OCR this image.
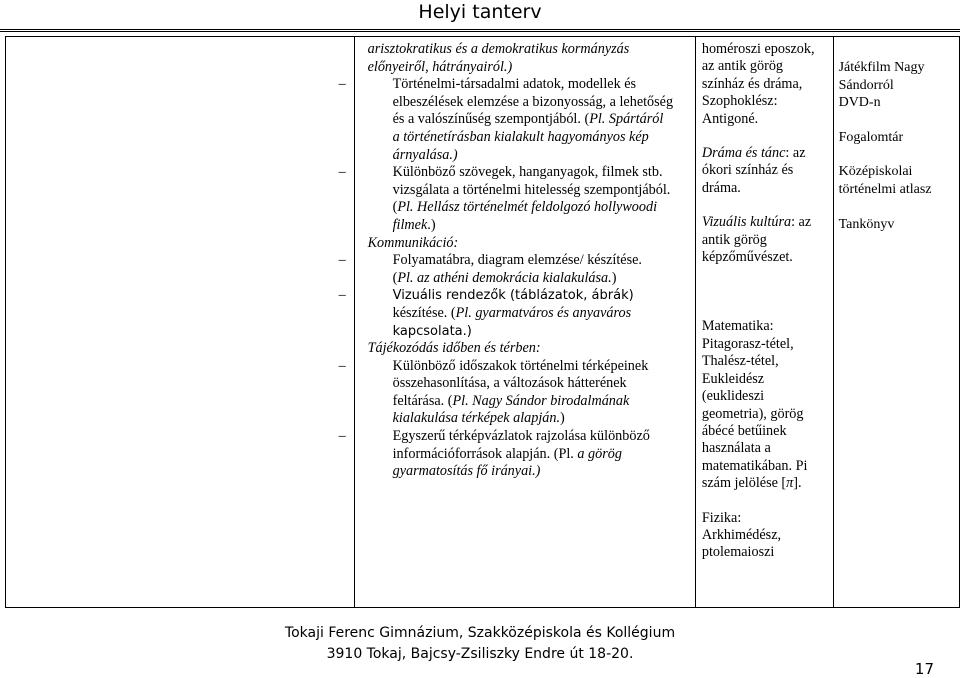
Helyi tanterv

arisztokratikus és a demokratikus kormányzás
előnyeiről, hátrányairól.)
–	Történelmi-társadalmi adatok, modellek és
elbeszélések elemzése a bizonyosság, a lehetőség
és a valószínűség szempontjából. (Pl. Spártáról
a történetírásban kialakult hagyományos kép
árnyalása.)
–	Különböző szövegek, hanganyagok, filmek stb.
vizsgálata a történelmi hitelesség szempontjából.
(Pl. Hellász történelmét feldolgozó hollywoodi
filmek.)
Kommunikáció:
–	Folyamatábra, diagram elemzése/ készítése.
(Pl. az athéni demokrácia kialakulása.)
–	Vizuális rendezők (táblázatok, ábrák)
készítése. (Pl. gyarmatváros és anyaváros
kapcsolata.)
Tájékozódás időben és térben:
–	Különböző időszakok történelmi térképeinek
összehasonlítása, a változások hátterének
feltárása. (Pl. Nagy Sándor birodalmának
kialakulása térképek alapján.)
–	Egyszerű térképvázlatok rajzolása különböző
információforrások alapján. (Pl. a görög
gyarmatosítás fő irányai.)

homéroszi eposzok,
az antik görög
színház és dráma,
Szophoklész:
Antigoné.
Dráma és tánc: az
ókori színház és
dráma.
Vizuális kultúra: az
antik görög
képzőművészet.
Matematika:
Pitagorasz-tétel,
Thalész-tétel,
Eukleidész
(euklideszi
geometria), görög
ábécé betűinek
használata a
matematikában. Pi
szám jelölése [π].
Fizika:
Arkhimédész,
ptolemaioszi

Játékfilm Nagy
Sándorról
DVD-n
Fogalomtár
Középiskolai
történelmi atlasz
Tankönyv
Tokaji Ferenc Gimnázium, Szakközépiskola és Kollégium
3910 Tokaj, Bajcsy-Zsiliszky Endre út 18-20.
17
